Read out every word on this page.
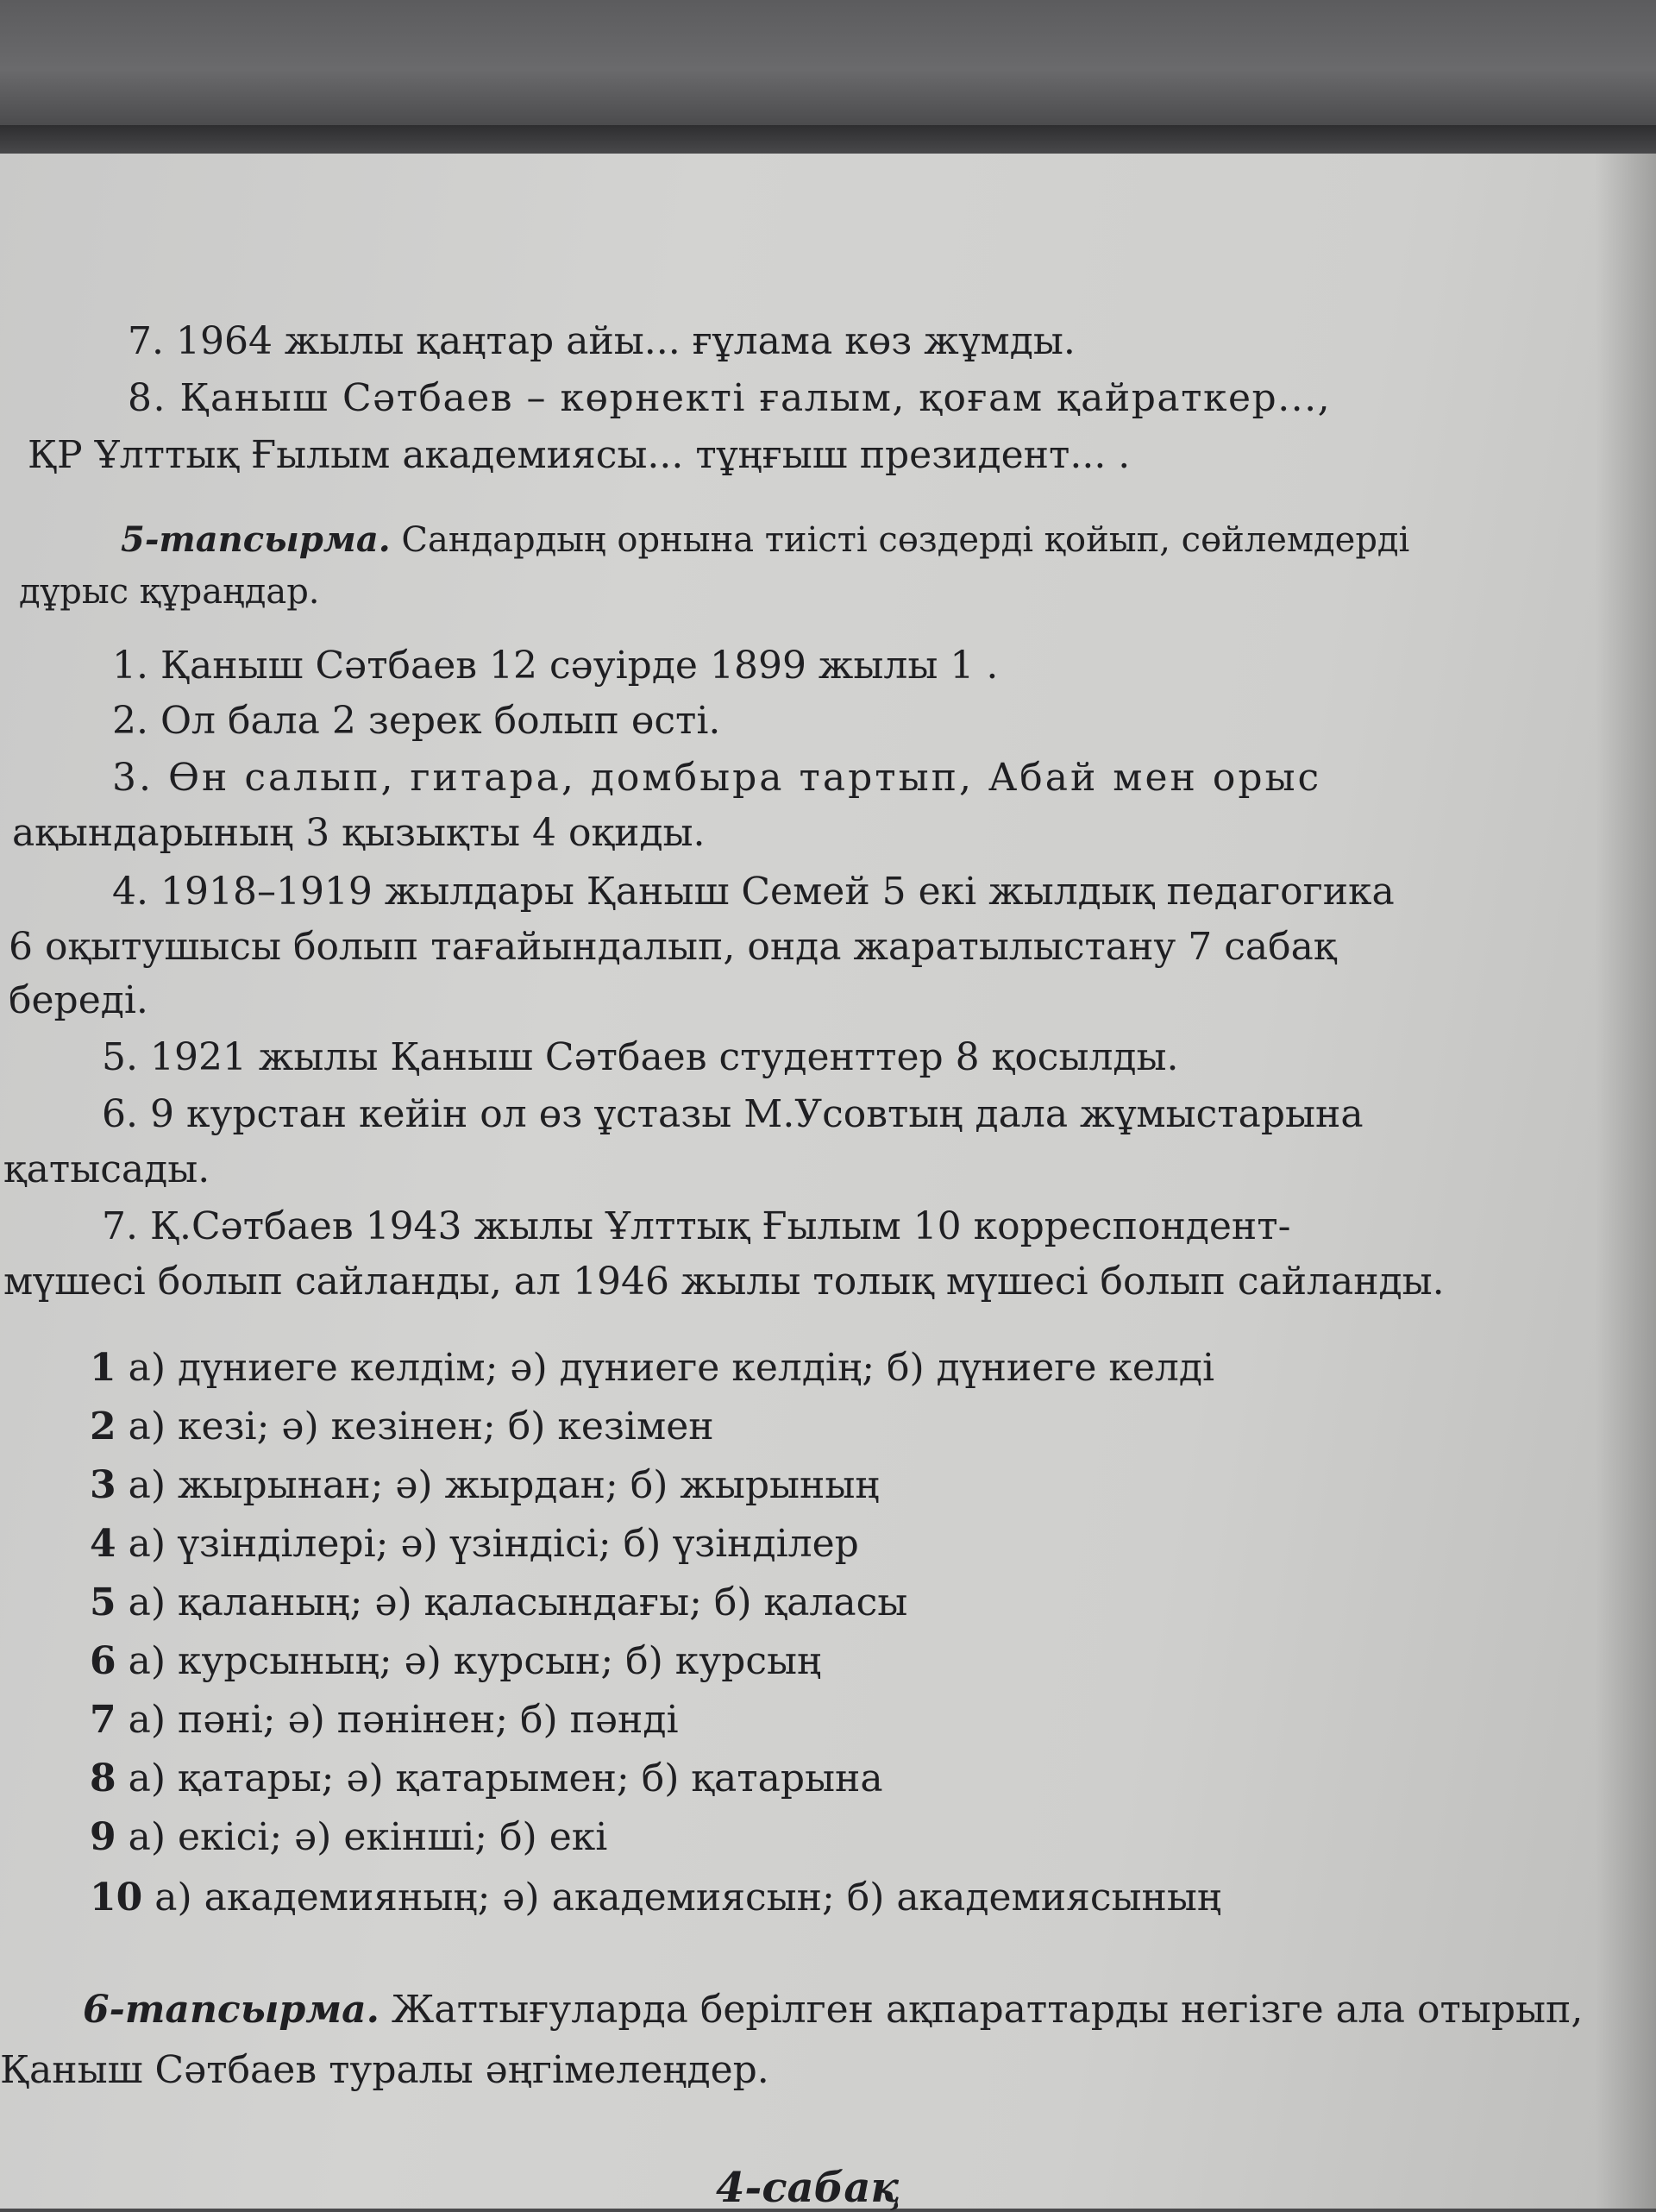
7. 1964 жылы қаңтар айы... ғұлама көз жұмды.
8. Қаныш Сәтбаев – көрнекті ғалым, қоғам қайраткер...,
ҚР Ұлттық Ғылым академиясы... тұңғыш президент... .
5-тапсырма. Сандардың орнына тиісті сөздерді қойып, сөйлемдерді
дұрыс құраңдар.
1. Қаныш Сәтбаев 12 сәуірде 1899 жылы 1 .
2. Ол бала 2 зерек болып өсті.
3. Өн салып, гитара, домбыра тартып, Абай мен орыс
ақындарының 3 қызықты 4 оқиды.
4. 1918–1919 жылдары Қаныш Семей 5 екі жылдық педагогика
6 оқытушысы болып тағайындалып, онда жаратылыстану 7 сабақ
береді.
5. 1921 жылы Қаныш Сәтбаев студенттер 8 қосылды.
6. 9 курстан кейін ол өз ұстазы М.Усовтың дала жұмыстарына
қатысады.
7. Қ.Сәтбаев 1943 жылы Ұлттық Ғылым 10 корреспондент-
мүшесі болып сайланды, ал 1946 жылы толық мүшесі болып сайланды.
1 а) дүниеге келдім; ә) дүниеге келдің; б) дүниеге келді
2 а) кезі; ә) кезінен; б) кезімен
3 а) жырынан; ә) жырдан; б) жырының
4 а) үзінділері; ә) үзіндісі; б) үзінділер
5 а) қаланың; ә) қаласындағы; б) қаласы
6 а) курсының; ә) курсын; б) курсың
7 а) пәні; ә) пәнінен; б) пәнді
8 а) қатары; ә) қатарымен; б) қатарына
9 а) екісі; ә) екінші; б) екі
10 а) академияның; ә) академиясын; б) академиясының
6-тапсырма. Жаттығуларда берілген ақпараттарды негізге ала отырып,
Қаныш Сәтбаев туралы әңгімелеңдер.
4-сабақ
